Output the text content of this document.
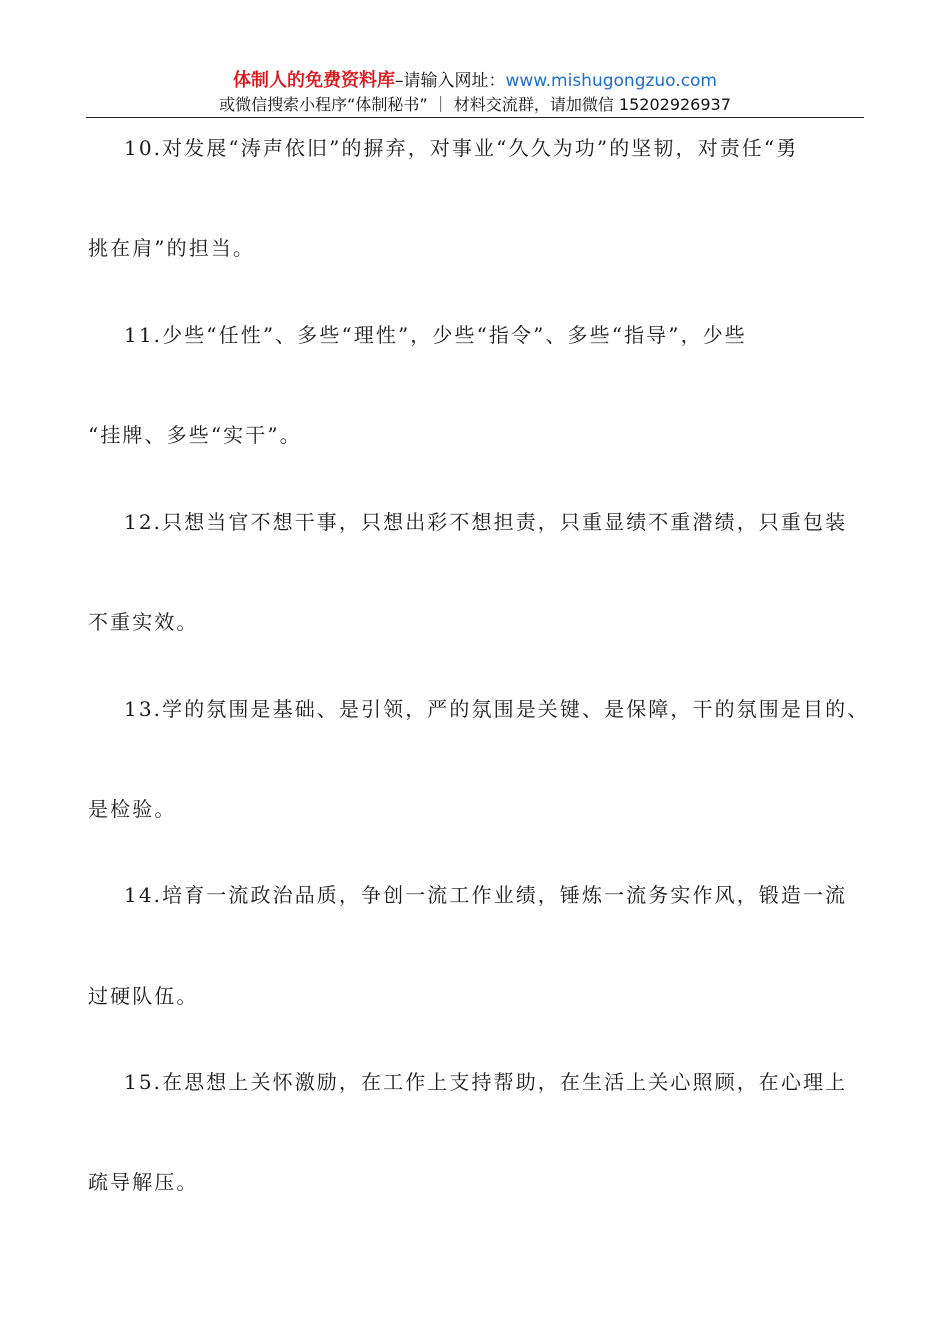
体制人的免费资料库–请输入网址：www.mishugongzuo.com
或微信搜索小程序“体制秘书” ｜ 材料交流群，请加微信 15202926937
10.对发展“涛声依旧”的摒弃，对事业“久久为功”的坚韧，对责任“勇
挑在肩”的担当。
11.少些“任性”、多些“理性”，少些“指令”、多些“指导”，少些
“挂牌、多些“实干”。
12.只想当官不想干事，只想出彩不想担责，只重显绩不重潜绩，只重包装
不重实效。
13.学的氛围是基础、是引领，严的氛围是关键、是保障，干的氛围是目的、
是检验。
14.培育一流政治品质，争创一流工作业绩，锤炼一流务实作风，锻造一流
过硬队伍。
15.在思想上关怀激励，在工作上支持帮助，在生活上关心照顾，在心理上
疏导解压。
